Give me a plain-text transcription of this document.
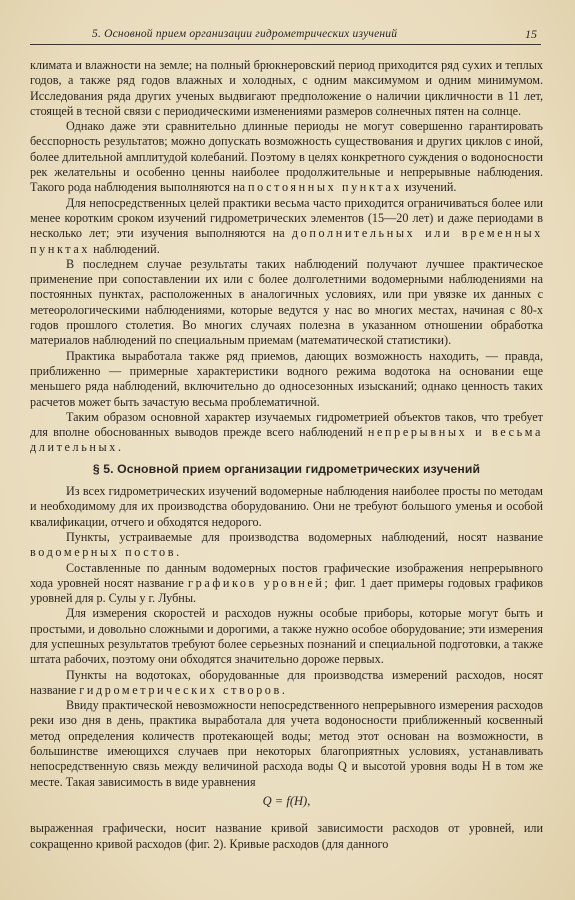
5. Основной прием организации гидрометрических изучений	15

климата и влажности на земле; на полный брюкнеровский период приходится ряд сухих и теплых годов, а также ряд годов влажных и холодных, с одним максимумом и одним минимумом. Исследования ряда других ученых выдвигают предположение о наличии цикличности в 11 лет, стоящей в тесной связи с периодическими изменениями размеров солнечных пятен на солнце.

Однако даже эти сравнительно длинные периоды не могут совершенно гарантировать бесспорность результатов; можно допускать возможность существования и других циклов с иной, более длительной амплитудой колебаний. Поэтому в целях конкретного суждения о водоносности рек желательны и особенно ценны наиболее продолжительные и непрерывные наблюдения. Такого рода наблюдения выполняются на постоянных пунктах изучений.

Для непосредственных целей практики весьма часто приходится ограничиваться более или менее коротким сроком изучений гидрометрических элементов (15—20 лет) и даже периодами в несколько лет; эти изучения выполняются на дополнительных или временных пунктах наблюдений.

В последнем случае результаты таких наблюдений получают лучшее практическое применение при сопоставлении их или с более долголетними водомерными наблюдениями на постоянных пунктах, расположенных в аналогичных условиях, или при увязке их данных с метеорологическими наблюдениями, которые ведутся у нас во многих местах, начиная с 80-х годов прошлого столетия. Во многих случаях полезна в указанном отношении обработка материалов наблюдений по специальным приемам (математической статистики).

Практика выработала также ряд приемов, дающих возможность находить, — правда, приближенно — примерные характеристики водного режима водотока на основании еще меньшего ряда наблюдений, включительно до односезонных изысканий; однако ценность таких расчетов может быть зачастую весьма проблематичной.

Таким образом основной характер изучаемых гидрометрией объектов таков, что требует для вполне обоснованных выводов прежде всего наблюдений непрерывных и весьма длительных.

§ 5. Основной прием организации гидрометрических изучений

Из всех гидрометрических изучений водомерные наблюдения наиболее просты по методам и необходимому для их производства оборудованию. Они не требуют большого уменья и особой квалификации, отчего и обходятся недорого.

Пункты, устраиваемые для производства водомерных наблюдений, носят название водомерных постов.

Составленные по данным водомерных постов графические изображения непрерывного хода уровней носят название графиков уровней; фиг. 1 дает примеры годовых графиков уровней для р. Сулы у г. Лубны.

Для измерения скоростей и расходов нужны особые приборы, которые могут быть и простыми, и довольно сложными и дорогими, а также нужно особое оборудование; эти измерения для успешных результатов требуют более серьезных познаний и специальной подготовки, а также штата рабочих, поэтому они обходятся значительно дороже первых.

Пункты на водотоках, оборудованные для производства измерений расходов, носят название гидрометрических створов.

Ввиду практической невозможности непосредственного непрерывного измерения расходов реки изо дня в день, практика выработала для учета водоносности приближенный косвенный метод определения количеств протекающей воды; метод этот основан на возможности, в большинстве имеющихся случаев при некоторых благоприятных условиях, устанавливать непосредственную связь между величиной расхода воды Q и высотой уровня воды H в том же месте. Такая зависимость в виде уравнения

Q = f(H),

выраженная графически, носит название кривой зависимости расходов от уровней, или сокращенно кривой расходов (фиг. 2). Кривые расходов (для данного
